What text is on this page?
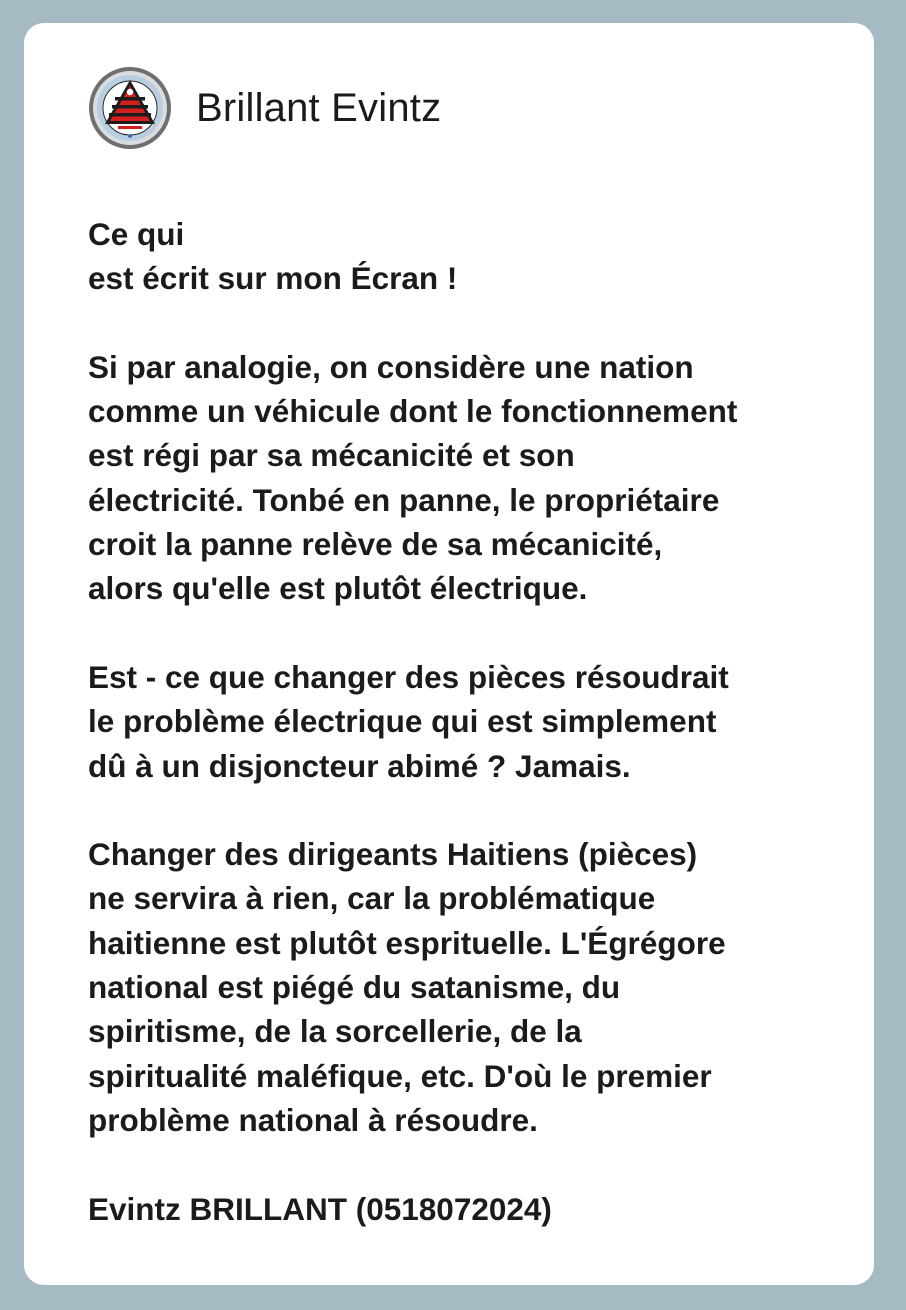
Brillant Evintz
Ce qui
est écrit sur mon Écran !
Si par analogie, on considère une nation
comme un véhicule dont le fonctionnement
est régi par sa mécanicité et son
électricité. Tonbé en panne, le propriétaire
croit la panne relève de sa mécanicité,
alors qu'elle est plutôt électrique.
Est - ce que changer des pièces résoudrait
le problème électrique qui est simplement
dû à un disjoncteur abimé ? Jamais.
Changer des dirigeants Haitiens (pièces)
ne servira à rien, car la problématique
haitienne est plutôt esprituelle. L'Égrégore
national est piégé du satanisme, du
spiritisme, de la sorcellerie, de la
spiritualité maléfique, etc. D'où le premier
problème national à résoudre.
Evintz BRILLANT (0518072024)
